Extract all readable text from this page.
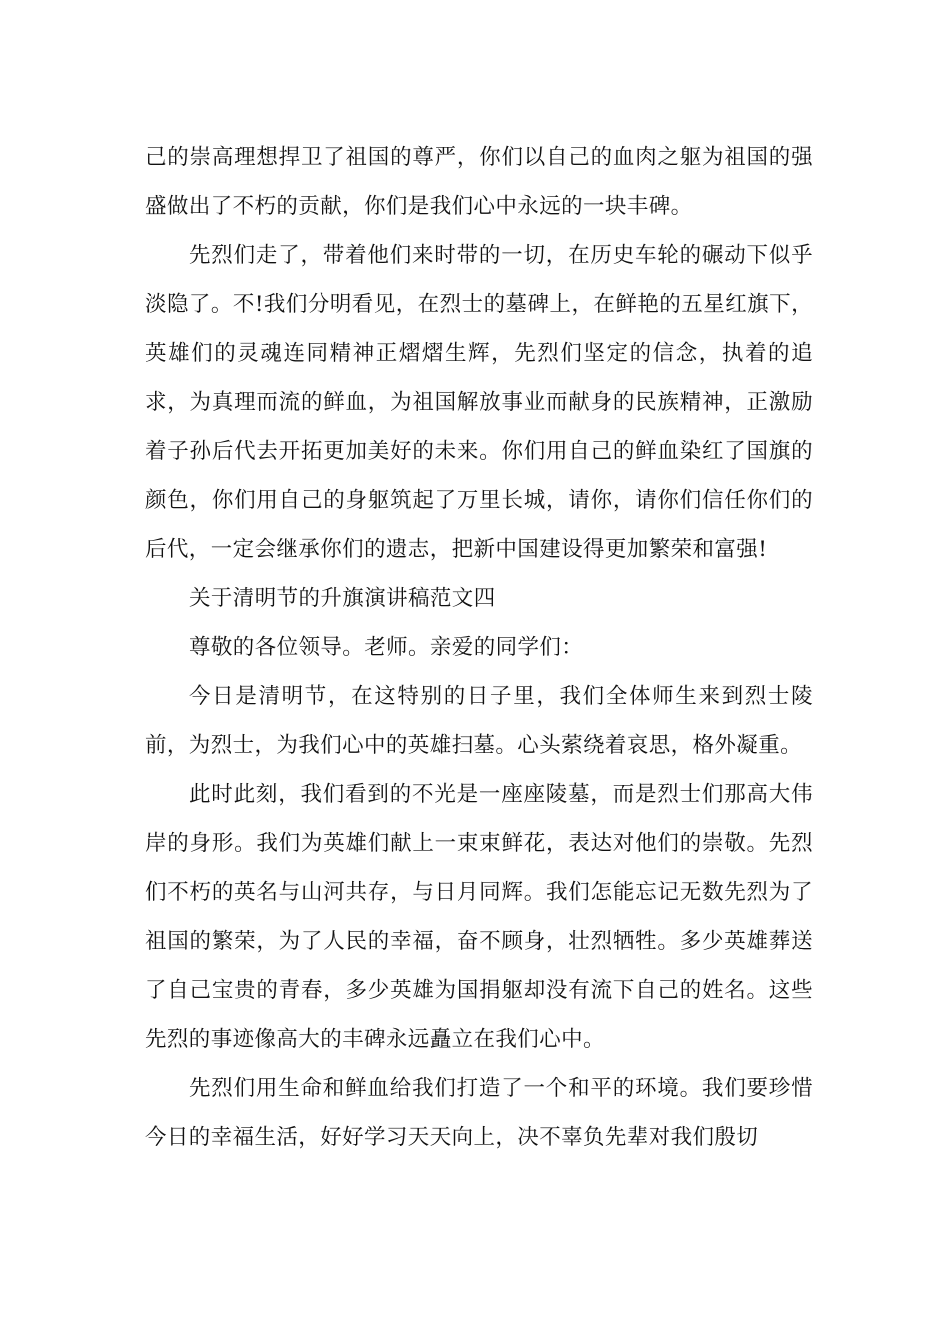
己的崇高理想捍卫了祖国的尊严，你们以自己的血肉之躯为祖国的强盛做出了不朽的贡献，你们是我们心中永远的一块丰碑。

先烈们走了，带着他们来时带的一切，在历史车轮的碾动下似乎淡隐了。不!我们分明看见，在烈士的墓碑上，在鲜艳的五星红旗下，英雄们的灵魂连同精神正熠熠生辉，先烈们坚定的信念，执着的追求，为真理而流的鲜血，为祖国解放事业而献身的民族精神，正激励着子孙后代去开拓更加美好的未来。你们用自己的鲜血染红了国旗的颜色，你们用自己的身躯筑起了万里长城，请你，请你们信任你们的后代，一定会继承你们的遗志，把新中国建设得更加繁荣和富强!

关于清明节的升旗演讲稿范文四

尊敬的各位领导。老师。亲爱的同学们：

今日是清明节，在这特别的日子里，我们全体师生来到烈士陵前，为烈士，为我们心中的英雄扫墓。心头萦绕着哀思，格外凝重。

此时此刻，我们看到的不光是一座座陵墓，而是烈士们那高大伟岸的身形。我们为英雄们献上一束束鲜花，表达对他们的崇敬。先烈们不朽的英名与山河共存，与日月同辉。我们怎能忘记无数先烈为了祖国的繁荣，为了人民的幸福，奋不顾身，壮烈牺牲。多少英雄葬送了自己宝贵的青春，多少英雄为国捐躯却没有流下自己的姓名。这些先烈的事迹像高大的丰碑永远矗立在我们心中。

先烈们用生命和鲜血给我们打造了一个和平的环境。我们要珍惜今日的幸福生活，好好学习天天向上，决不辜负先辈对我们殷切
